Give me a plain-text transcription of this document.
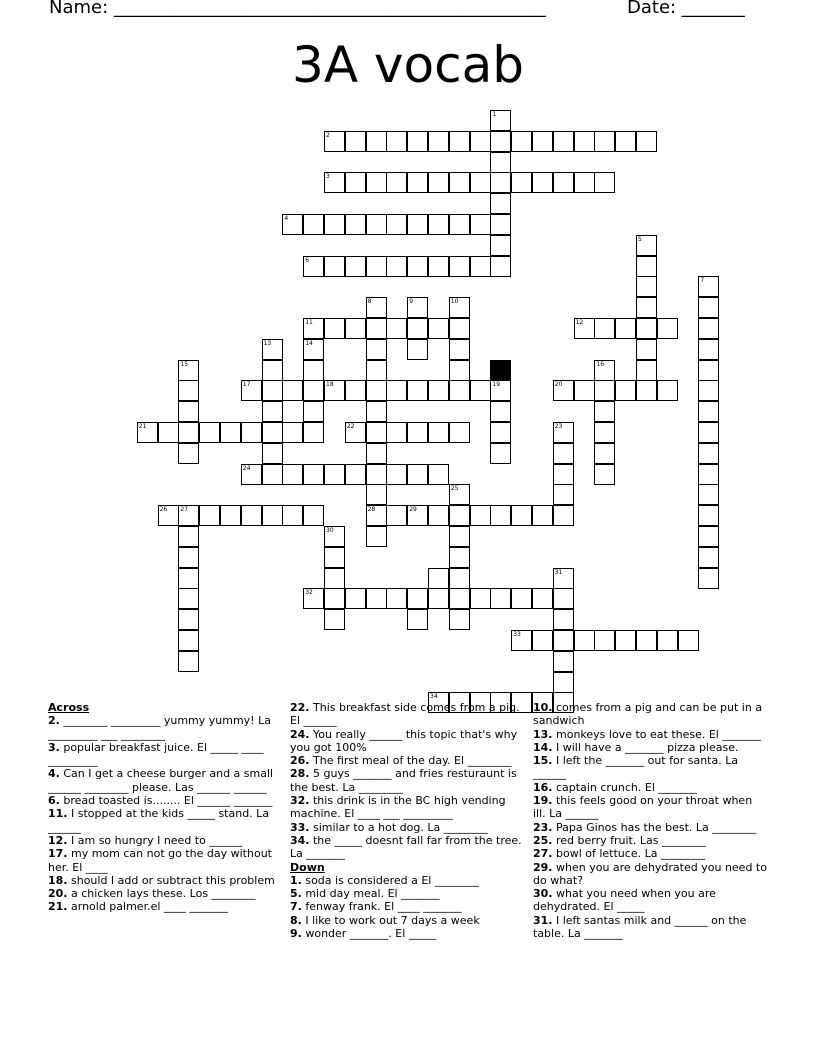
Name: ________________________________________________	Date: _______
3A vocab
1
2
3
4
5
6
7
8
28
9	10
11	12
13	14
15	16
17	18	19	20
21	22	23
24
25
26 27	29
30
31
32
33
34
Across
2. ________ _________ yummy yummy! La _________ ___ ________
3. popular breakfast juice. El _____ ____ _________
4. Can I get a cheese burger and a small ______ ________ please. Las ______ ______
6. bread toasted is........ El ______ _______
11. I stopped at the kids _____ stand. La ______
12. I am so hungry I need to ______
17. my mom can not go the day without her. El ____
18. should I add or subtract this problem
20. a chicken lays these. Los ________
21. arnold palmer.el ____ _______
22. This breakfast side comes from a pig. El ______
24. You really ______ this topic that's why you got 100%
26. The first meal of the day. El ________
28. 5 guys _______ and fries resturaunt is the best. La ________
32. this drink is in the BC high vending machine. El ____ ___ _________
33. similar to a hot dog. La ________
34. the _____ doesnt fall far from the tree. La _______
Down
1. soda is considered a El ________
5. mid day meal. El _______
7. fenway frank. El ____ _______
8. I like to work out 7 days a week
9. wonder _______. El _____
10. comes from a pig and can be put in a sandwich
13. monkeys love to eat these. El _______
14. I will have a _______ pizza please.
15. I left the _______ out for santa. La ______
16. captain crunch. El _______
19. this feels good on your throat when ill. La ______
23. Papa Ginos has the best. La ________
25. red berry fruit. Las ________
27. bowl of lettuce. La ________
29. when you are dehydrated you need to do what?
30. what you need when you are dehydrated. El _____
31. I left santas milk and ______ on the table. La _______
